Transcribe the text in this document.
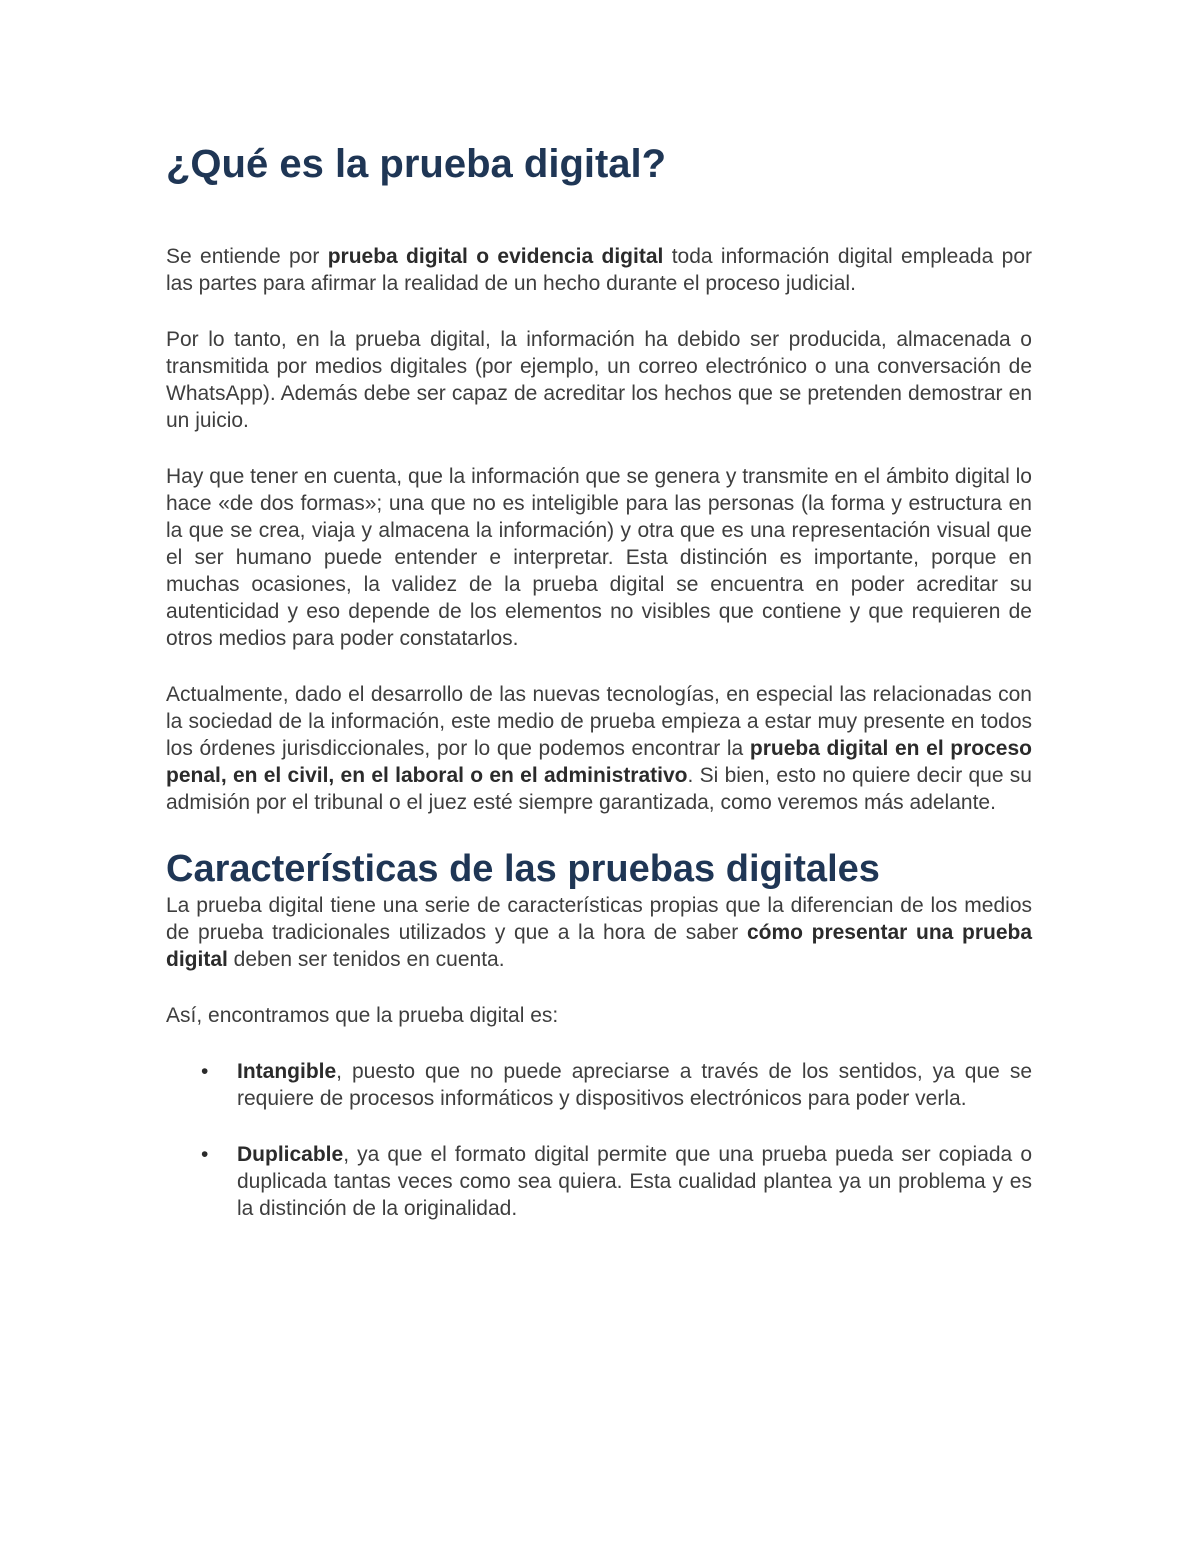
¿Qué es la prueba digital?

Se entiende por prueba digital o evidencia digital toda información digital empleada por las partes para afirmar la realidad de un hecho durante el proceso judicial.

Por lo tanto, en la prueba digital, la información ha debido ser producida, almacenada o transmitida por medios digitales (por ejemplo, un correo electrónico o una conversación de WhatsApp). Además debe ser capaz de acreditar los hechos que se pretenden demostrar en un juicio.

Hay que tener en cuenta, que la información que se genera y transmite en el ámbito digital lo hace «de dos formas»; una que no es inteligible para las personas (la forma y estructura en la que se crea, viaja y almacena la información) y otra que es una representación visual que el ser humano puede entender e interpretar. Esta distinción es importante, porque en muchas ocasiones, la validez de la prueba digital se encuentra en poder acreditar su autenticidad y eso depende de los elementos no visibles que contiene y que requieren de otros medios para poder constatarlos.

Actualmente, dado el desarrollo de las nuevas tecnologías, en especial las relacionadas con la sociedad de la información, este medio de prueba empieza a estar muy presente en todos los órdenes jurisdiccionales, por lo que podemos encontrar la prueba digital en el proceso penal, en el civil, en el laboral o en el administrativo. Si bien, esto no quiere decir que su admisión por el tribunal o el juez esté siempre garantizada, como veremos más adelante.

Características de las pruebas digitales

La prueba digital tiene una serie de características propias que la diferencian de los medios de prueba tradicionales utilizados y que a la hora de saber cómo presentar una prueba digital deben ser tenidos en cuenta.

Así, encontramos que la prueba digital es:

• Intangible, puesto que no puede apreciarse a través de los sentidos, ya que se requiere de procesos informáticos y dispositivos electrónicos para poder verla.
• Duplicable, ya que el formato digital permite que una prueba pueda ser copiada o duplicada tantas veces como sea quiera. Esta cualidad plantea ya un problema y es la distinción de la originalidad.
